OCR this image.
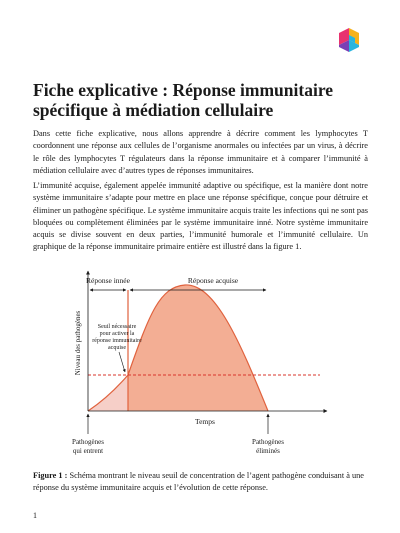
Fiche explicative : Réponse immunitaire
spécifique à médiation cellulaire

Dans cette fiche explicative, nous allons apprendre à décrire comment les lymphocytes T coordonnent une réponse aux cellules de l’organisme anormales ou infectées par un virus, à décrire le rôle des lymphocytes T régulateurs dans la réponse immunitaire et à comparer l’immunité à médiation cellulaire avec d’autres types de réponses immunitaires.

L’immunité acquise, également appelée immunité adaptive ou spécifique, est la manière dont notre système immunitaire s’adapte pour mettre en place une réponse spécifique, conçue pour détruire et éliminer un pathogène spécifique. Le système immunitaire acquis traite les infections qui ne sont pas bloquées ou complètement éliminées par le système immunitaire inné. Notre système immunitaire acquis se divise souvent en deux parties, l’immunité humorale et l’immunité cellulaire. Un graphique de la réponse immunitaire primaire entière est illustré dans la figure 1.

Réponse innée	Réponse acquise
Niveau des pathogènes	Seuil nécessaire
pour activer la
réponse immunitaire
acquise
Temps
Pathogènes
qui entrent
Pathogènes
éliminés

Figure 1 : Schéma montrant le niveau seuil de concentration de l’agent pathogène conduisant à une réponse du système immunitaire acquis et l’évolution de cette réponse.

1
